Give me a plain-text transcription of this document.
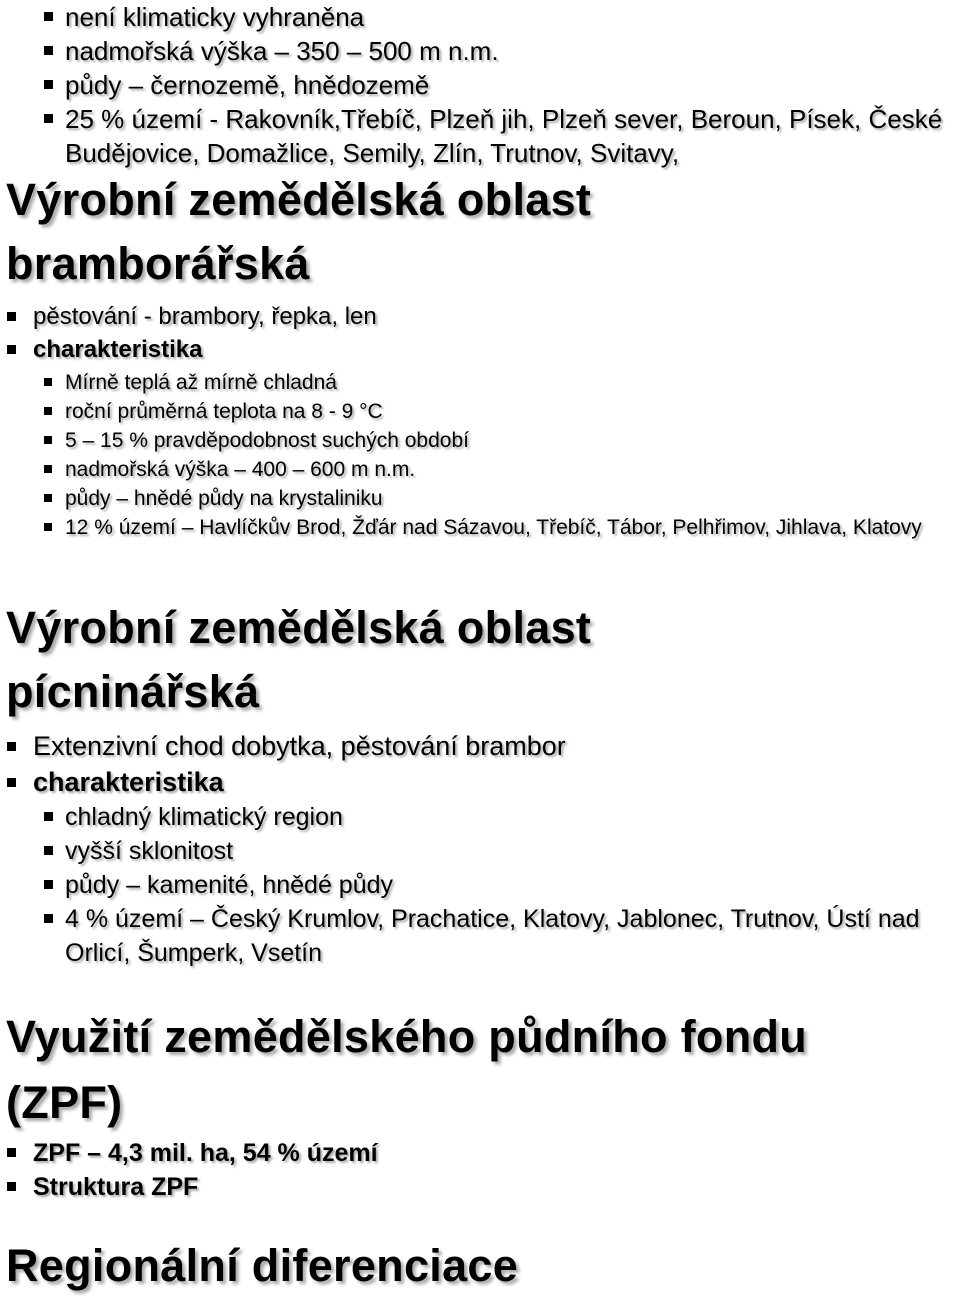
není klimaticky vyhraněna
nadmořská výška – 350 – 500 m n.m.
půdy – černozemě, hnědozemě
25 % území - Rakovník,Třebíč, Plzeň jih, Plzeň sever, Beroun, Písek, České Budějovice, Domažlice, Semily, Zlín, Trutnov, Svitavy,
Výrobní zemědělská oblast
bramborářská
pěstování - brambory, řepka, len
charakteristika
Mírně teplá až mírně chladná
roční průměrná teplota na 8 - 9 °C
5 – 15 % pravděpodobnost suchých období
nadmořská výška – 400 – 600 m n.m.
půdy – hnědé půdy na krystaliniku
12 % území – Havlíčkův Brod, Žďár nad Sázavou, Třebíč, Tábor, Pelhřimov, Jihlava, Klatovy
Výrobní zemědělská oblast
pícninářská
Extenzivní chod dobytka, pěstování brambor
charakteristika
chladný klimatický region
vyšší sklonitost
půdy – kamenité, hnědé půdy
4 % území – Český Krumlov, Prachatice, Klatovy, Jablonec, Trutnov, Ústí nad Orlicí, Šumperk, Vsetín
Využití zemědělského půdního fondu
(ZPF)
ZPF – 4,3 mil. ha, 54 % území
Struktura ZPF
Regionální diferenciace
